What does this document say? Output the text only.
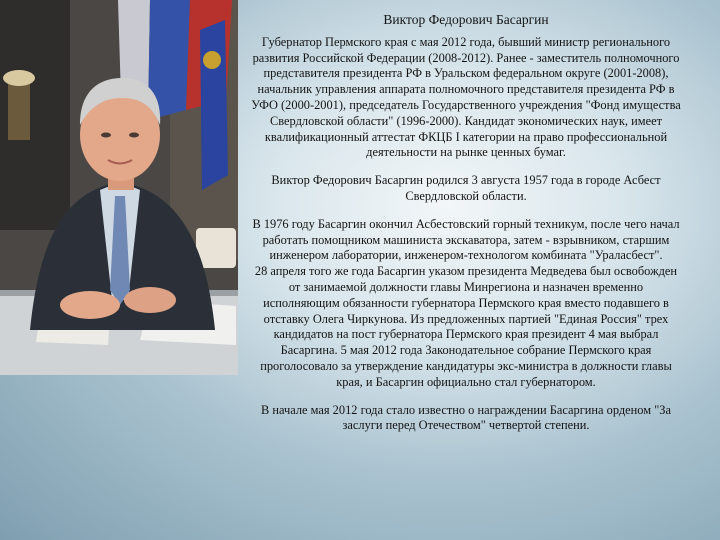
Виктор Федорович Басаргин

Губернатор Пермского края с мая 2012 года, бывший министр регионального развития Российской Федерации (2008-2012). Ранее - заместитель полномочного представителя президента РФ в Уральском федеральном округе (2001-2008), начальник управления аппарата полномочного представителя президента РФ в УФО (2000-2001), председатель Государственного учреждения "Фонд имущества Свердловской области" (1996-2000). Кандидат экономических наук, имеет квалификационный аттестат ФКЦБ I категории на право профессиональной деятельности на рынке ценных бумаг.

Виктор Федорович Басаргин родился 3 августа 1957 года в городе Асбест Свердловской области.

В 1976 году Басаргин окончил Асбестовский горный техникум, после чего начал работать помощником машиниста экскаватора, затем - взрывником, старшим инженером лаборатории, инженером-технологом комбината "Ураласбест".

28 апреля того же года Басаргин указом президента Медведева был освобожден от занимаемой должности главы Минрегиона и назначен временно исполняющим обязанности губернатора Пермского края вместо подавшего в отставку Олега Чиркунова. Из предложенных партией "Единая Россия" трех кандидатов на пост губернатора Пермского края президент 4 мая выбрал Басаргина. 5 мая 2012 года Законодательное собрание Пермского края проголосовало за утверждение кандидатуры экс-министра в должности главы края, и Басаргин официально стал губернатором.

В начале мая 2012 года стало известно о награждении Басаргина орденом "За заслуги перед Отечеством" четвертой степени.
